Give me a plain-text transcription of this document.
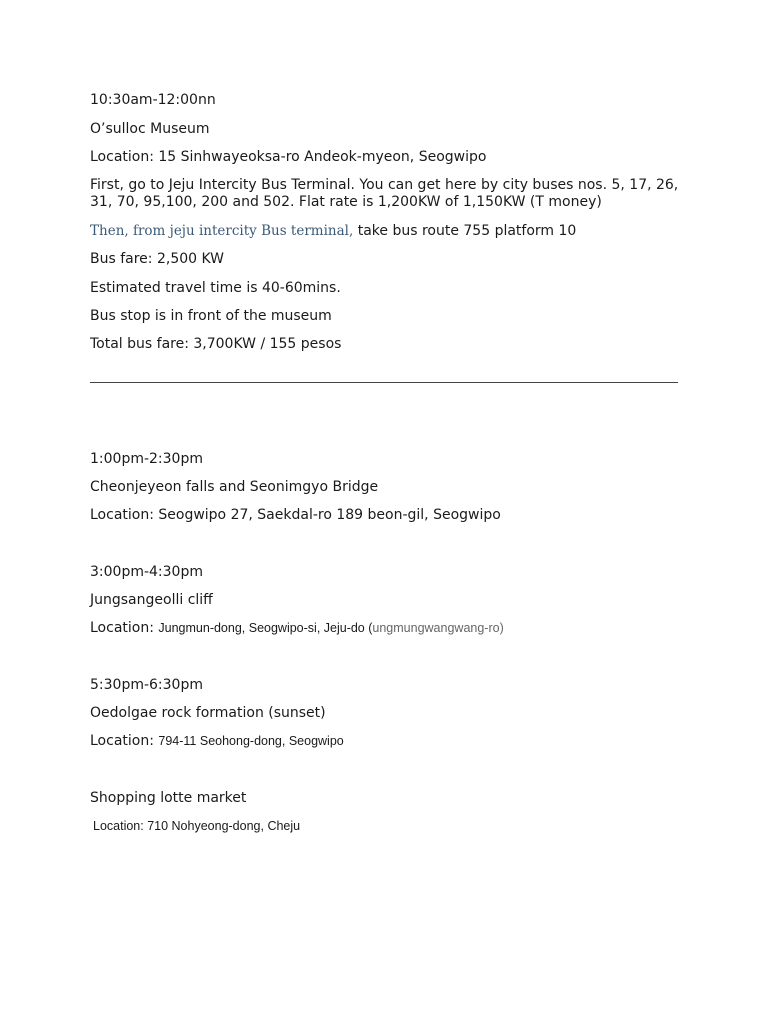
10:30am-12:00nn
O’sulloc Museum
Location: 15 Sinhwayeoksa-ro Andeok-myeon, Seogwipo
First, go to Jeju Intercity Bus Terminal. You can get here by city buses nos. 5, 17, 26, 31, 70, 95,100, 200 and 502. Flat rate is 1,200KW of 1,150KW (T money)
Then, from jeju intercity Bus terminal, take bus route 755 platform 10
Bus fare: 2,500 KW
Estimated travel time is 40-60mins.
Bus stop is in front of the museum
Total bus fare: 3,700KW / 155 pesos
1:00pm-2:30pm
Cheonjeyeon falls and Seonimgyo Bridge
Location: Seogwipo 27, Saekdal-ro 189 beon-gil, Seogwipo
3:00pm-4:30pm
Jungsangeolli cliff
Location: Jungmun-dong, Seogwipo-si, Jeju-do (ungmungwangwang-ro)
5:30pm-6:30pm
Oedolgae rock formation (sunset)
Location: 794-11 Seohong-dong, Seogwipo
Shopping lotte market
Location: 710 Nohyeong-dong, Cheju
